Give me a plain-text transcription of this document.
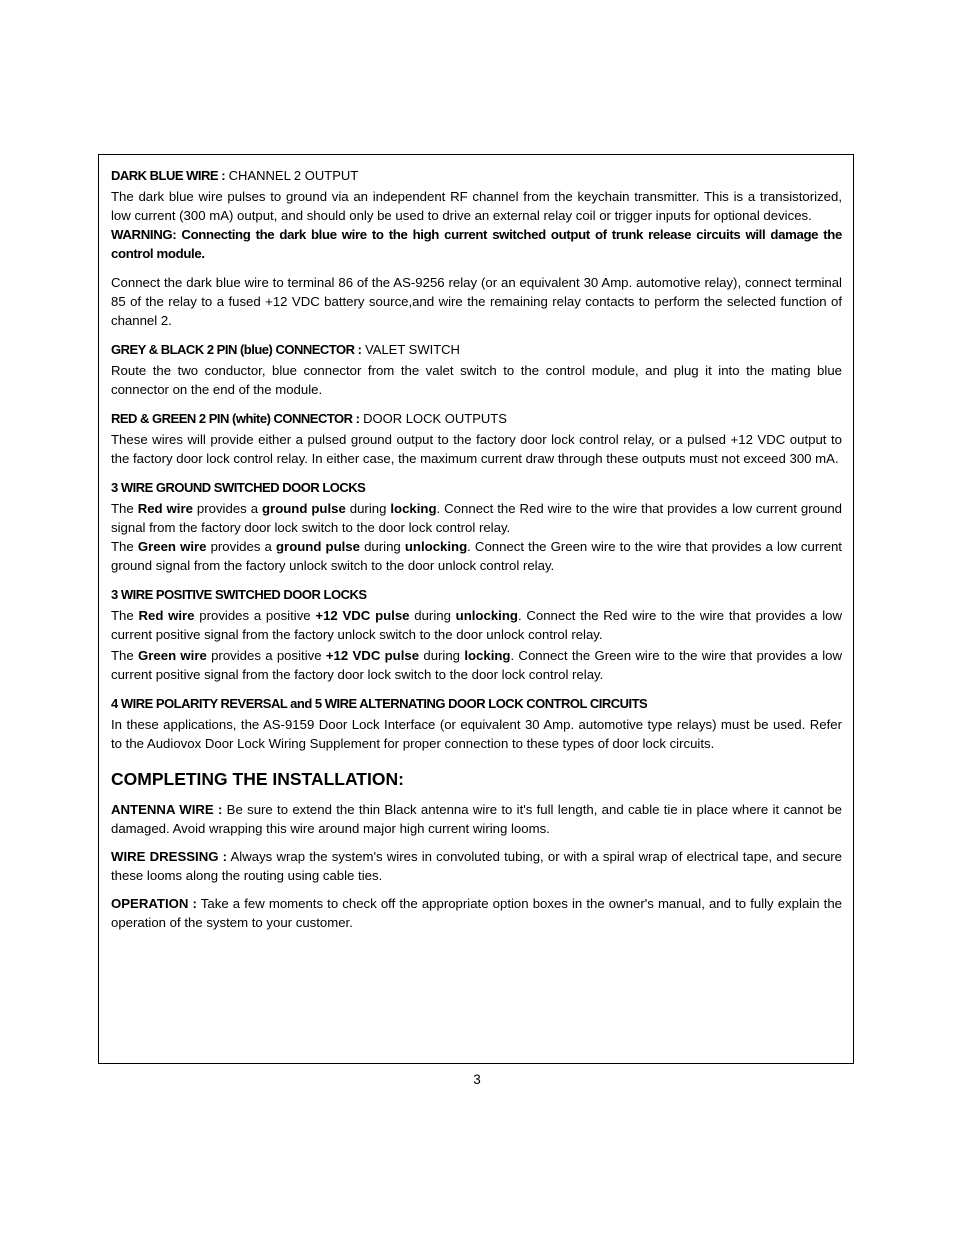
DARK BLUE WIRE : CHANNEL 2 OUTPUT

The dark blue wire pulses to ground via an independent RF channel from the keychain transmitter. This is a transistorized, low current (300 mA) output, and should only be used to drive an external relay coil or trigger inputs for optional devices.

WARNING: Connecting the dark blue wire to the high current switched output of trunk release circuits will damage the control module.

Connect the dark blue wire to terminal 86 of the AS-9256 relay (or an equivalent 30 Amp. automotive relay), connect terminal 85 of the relay to a fused +12 VDC battery source,and wire the remaining relay contacts to perform the selected function of channel 2.

GREY & BLACK 2 PIN (blue) CONNECTOR : VALET SWITCH

Route the two conductor, blue connector from the valet switch to the control module, and plug it into the mating blue connector on the end of the module.

RED & GREEN 2 PIN (white) CONNECTOR : DOOR LOCK OUTPUTS

These wires will provide either a pulsed ground output to the factory door lock control relay, or a pulsed +12 VDC output to the factory door lock control relay. In either case, the maximum current draw through these outputs must not exceed 300 mA.

3 WIRE GROUND SWITCHED DOOR LOCKS

The Red wire provides a ground pulse during locking. Connect the Red wire to the wire that provides a low current ground signal from the factory door lock switch to the door lock control relay.

The Green wire provides a ground pulse during unlocking. Connect the Green wire to the wire that provides a low current ground signal from the factory unlock switch to the door unlock control relay.

3 WIRE POSITIVE SWITCHED DOOR LOCKS

The Red wire provides a positive +12 VDC pulse during unlocking. Connect the Red wire to the wire that provides a low current positive signal from the factory unlock switch to the door unlock control relay.

The Green wire provides a positive +12 VDC pulse during locking. Connect the Green wire to the wire that provides a low current positive signal from the factory door lock switch to the door lock control relay.

4 WIRE POLARITY REVERSAL and 5 WIRE ALTERNATING DOOR LOCK CONTROL CIRCUITS

In these applications, the AS-9159 Door Lock Interface (or equivalent 30 Amp. automotive type relays) must be used. Refer to the Audiovox Door Lock Wiring Supplement for proper connection to these types of door lock circuits.

COMPLETING THE INSTALLATION:

ANTENNA WIRE : Be sure to extend the thin Black antenna wire to it's full length, and cable tie in place where it cannot be damaged. Avoid wrapping this wire around major high current wiring looms.

WIRE DRESSING : Always wrap the system's wires in convoluted tubing, or with a spiral wrap of electrical tape, and secure these looms along the routing using cable ties.

OPERATION : Take a few moments to check off the appropriate option boxes in the owner's manual, and to fully explain the operation of the system to your customer.

3
